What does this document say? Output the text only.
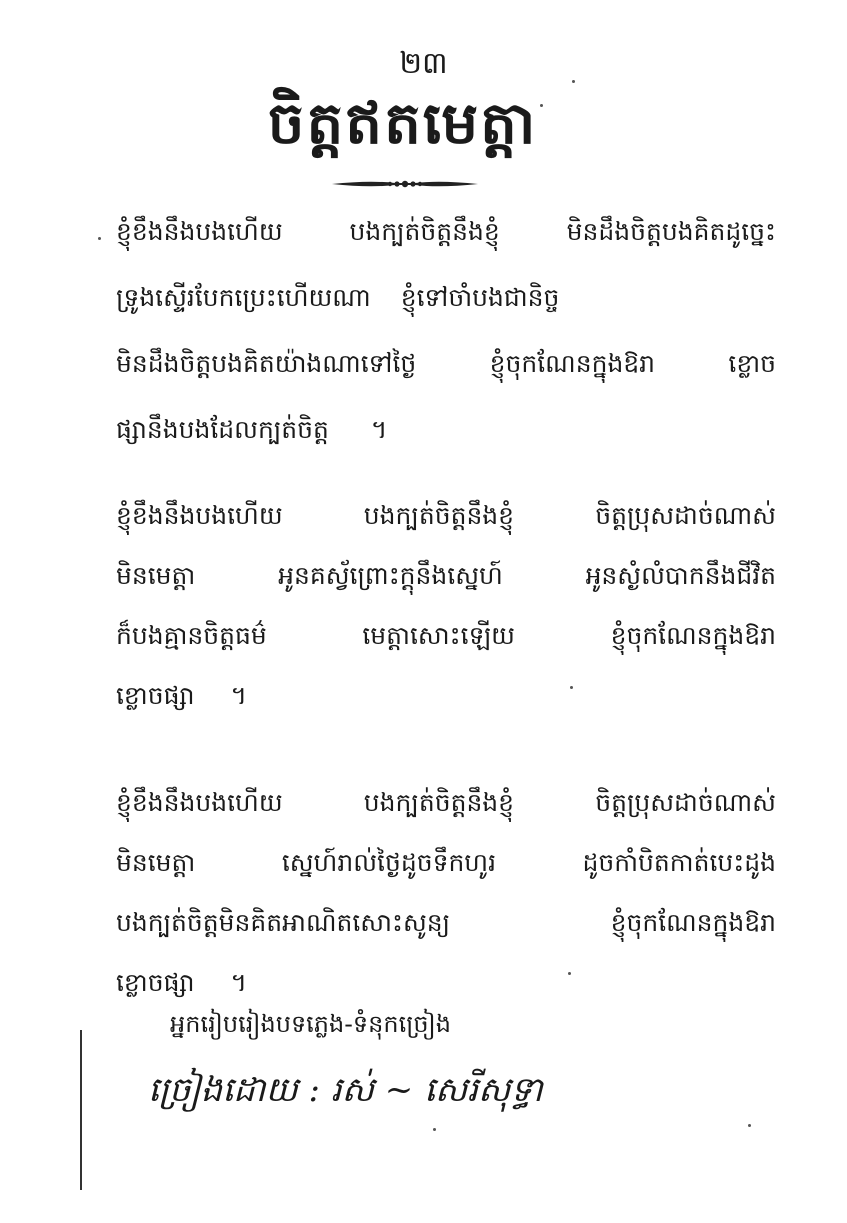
២៣
ចិត្តឥតមេត្តា
ខ្ញុំខឹងនឹងបងហើយ	បងក្បត់ចិត្តនឹងខ្ញុំ	មិនដឹងចិត្តបងគិតដូច្នេះ
ទ្រូងស្ទើរបែកប្រេះហើយណា ខ្ញុំទៅចាំបងជានិច្ច
មិនដឹងចិត្តបងគិតយ៉ាងណាទៅថ្ងៃ	ខ្ញុំចុកណែនក្នុងឱរា	ខ្លោច
ផ្សានឹងបងដែលក្បត់ចិត្ត ។
ខ្ញុំខឹងនឹងបងហើយ	បងក្បត់ចិត្តនឹងខ្ញុំ	ចិត្តប្រុសដាច់ណាស់
មិនមេត្តា	អូនគស្វ័ព្រោះក្ដុនឹងស្នេហ៍	អូនស្ងំលំបាកនឹងជីវិត
ក៏បងគ្មានចិត្តធម៌	មេត្តាសោះឡើយ	ខ្ញុំចុកណែនក្នុងឱរា
ខ្លោចផ្សា ។
ខ្ញុំខឹងនឹងបងហើយ	បងក្បត់ចិត្តនឹងខ្ញុំ	ចិត្តប្រុសដាច់ណាស់
មិនមេត្តា	ស្នេហ៍រាល់ថ្ងៃដូចទឹកហូរ	ដូចកាំបិតកាត់បេះដូង
បងក្បត់ចិត្តមិនគិតអាណិតសោះសូន្យ	ខ្ញុំចុកណែនក្នុងឱរា
ខ្លោចផ្សា ។
អ្នករៀបរៀងបទភ្លេង-ទំនុកច្រៀង
ច្រៀងដោយ : រស់ ~ សេរីសុទ្ធា
